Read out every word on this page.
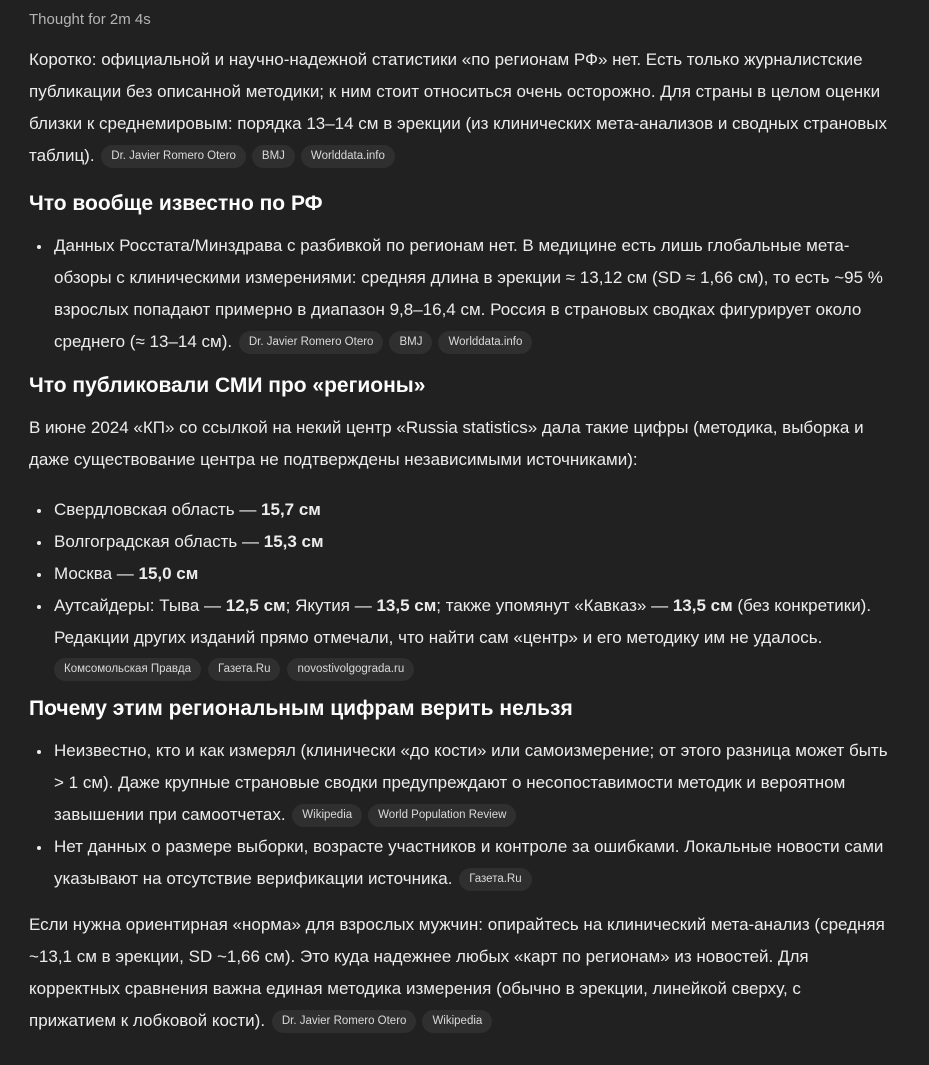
Thought for 2m 4s

Коротко: официальной и научно-надежной статистики «по регионам РФ» нет. Есть только журналистские публикации без описанной методики; к ним стоит относиться очень осторожно. Для страны в целом оценки близки к среднемировым: порядка 13–14 см в эрекции (из клинических мета-анализов и сводных страновых таблиц). Dr. Javier Romero Otero BMJ Worlddata.info

Что вообще известно по РФ
• Данных Росстата/Минздрава с разбивкой по регионам нет. В медицине есть лишь глобальные мета-обзоры с клиническими измерениями: средняя длина в эрекции ≈ 13,12 см (SD ≈ 1,66 см), то есть ~95 % взрослых попадают примерно в диапазон 9,8–16,4 см. Россия в страновых сводках фигурирует около среднего (≈ 13–14 см). Dr. Javier Romero Otero BMJ Worlddata.info
Что публиковали СМИ про «регионы»

В июне 2024 «КП» со ссылкой на некий центр «Russia statistics» дала такие цифры (методика, выборка и даже существование центра не подтверждены независимыми источниками):

• Свердловская область — 15,7 см
• Волгоградская область — 15,3 см
• Москва — 15,0 см
• Аутсайдеры: Тыва — 12,5 см; Якутия — 13,5 см; также упомянут «Кавказ» — 13,5 см (без конкретики).
Редакции других изданий прямо отмечали, что найти сам «центр» и его методику им не удалось.
Комсомольская Правда Газета.Ru novostivolgograda.ru
Почему этим региональным цифрам верить нельзя
• Неизвестно, кто и как измерял (клинически «до кости» или самоизмерение; от этого разница может быть > 1 см). Даже крупные страновые сводки предупреждают о несопоставимости методик и вероятном завышении при самоотчетах. Wikipedia World Population Review
• Нет данных о размере выборки, возрасте участников и контроле за ошибками. Локальные новости сами указывают на отсутствие верификации источника. Газета.Ru

Если нужна ориентирная «норма» для взрослых мужчин: опирайтесь на клинический мета-анализ (средняя ~13,1 см в эрекции, SD ~1,66 см). Это куда надежнее любых «карт по регионам» из новостей. Для корректных сравнения важна единая методика измерения (обычно в эрекции, линейкой сверху, с прижатием к лобковой кости). Dr. Javier Romero Otero Wikipedia
